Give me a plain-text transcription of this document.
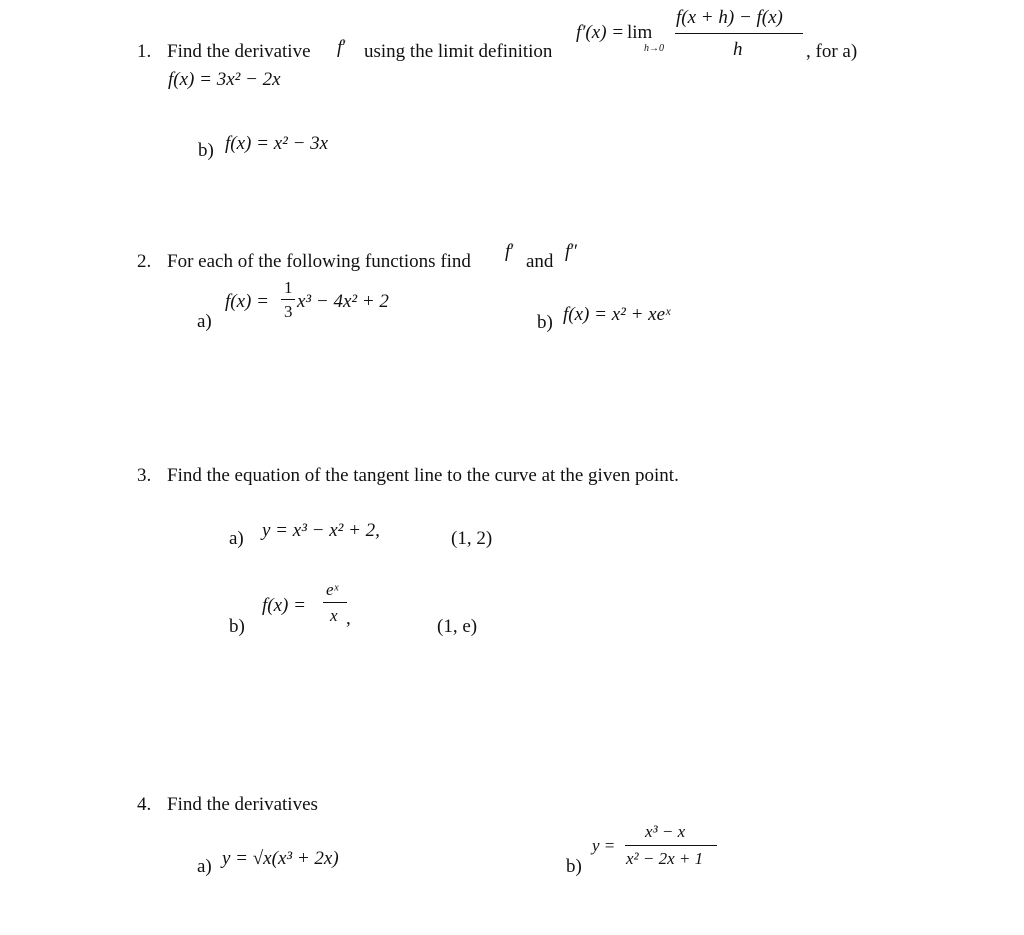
f′(x) = lim
h→0
f(x + h) − f(x)
h
1. Find the derivative f′ using the limit definition	, for a)
f(x) = 3x² − 2x
b) f(x) = x² − 3x
2. For each of the following functions find f′ and f″
a)
f(x) =
1
3 x³ − 4x² + 2
b) f(x) = x² + xeˣ
3. Find the equation of the tangent line to the curve at the given point.
a) y = x³ − x² + 2,	(1, 2)
b)
f(x) =
eˣ
x ,	(1, e)
4. Find the derivatives
a) y = √x(x³ + 2x)	b)
y =
x³ − x
x² − 2x + 1
